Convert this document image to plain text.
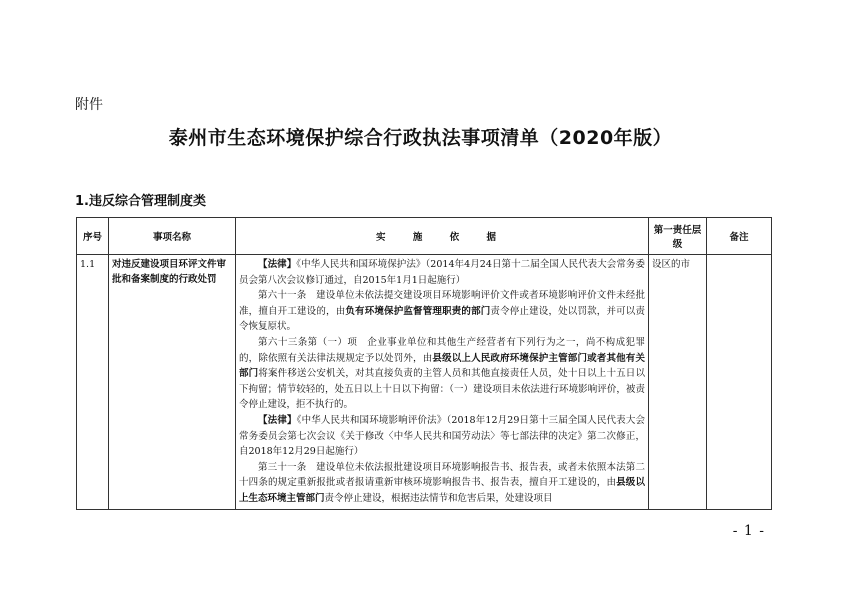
附件
泰州市生态环境保护综合行政执法事项清单（2020年版）
1.违反综合管理制度类
序号	事项名称	实 施 依 据	第一责任层级	备注
1.1	对违反建设项目环评文件审批和备案制度的行政处罚	【法律】《中华人民共和国环境保护法》（2014年4月24日第十二届全国人民代表大会常务委员会第八次会议修订通过，自2015年1月1日起施行）

第六十一条　建设单位未依法提交建设项目环境影响评价文件或者环境影响评价文件未经批准，擅自开工建设的，由负有环境保护监督管理职责的部门责令停止建设，处以罚款，并可以责令恢复原状。

第六十三条第（一）项　企业事业单位和其他生产经营者有下列行为之一，尚不构成犯罪的，除依照有关法律法规规定予以处罚外，由县级以上人民政府环境保护主管部门或者其他有关部门将案件移送公安机关，对其直接负责的主管人员和其他直接责任人员，处十日以上十五日以下拘留；情节较轻的，处五日以上十日以下拘留：（一）建设项目未依法进行环境影响评价，被责令停止建设，拒不执行的。

【法律】《中华人民共和国环境影响评价法》（2018年12月29日第十三届全国人民代表大会常务委员会第七次会议《关于修改〈中华人民共和国劳动法〉等七部法律的决定》第二次修正，自2018年12月29日起施行）

第三十一条　建设单位未依法报批建设项目环境影响报告书、报告表，或者未依照本法第二十四条的规定重新报批或者报请重新审核环境影响报告书、报告表，擅自开工建设的，由县级以上生态环境主管部门责令停止建设，根据违法情节和危害后果，处建设项目	设区的市	
- 1 -
